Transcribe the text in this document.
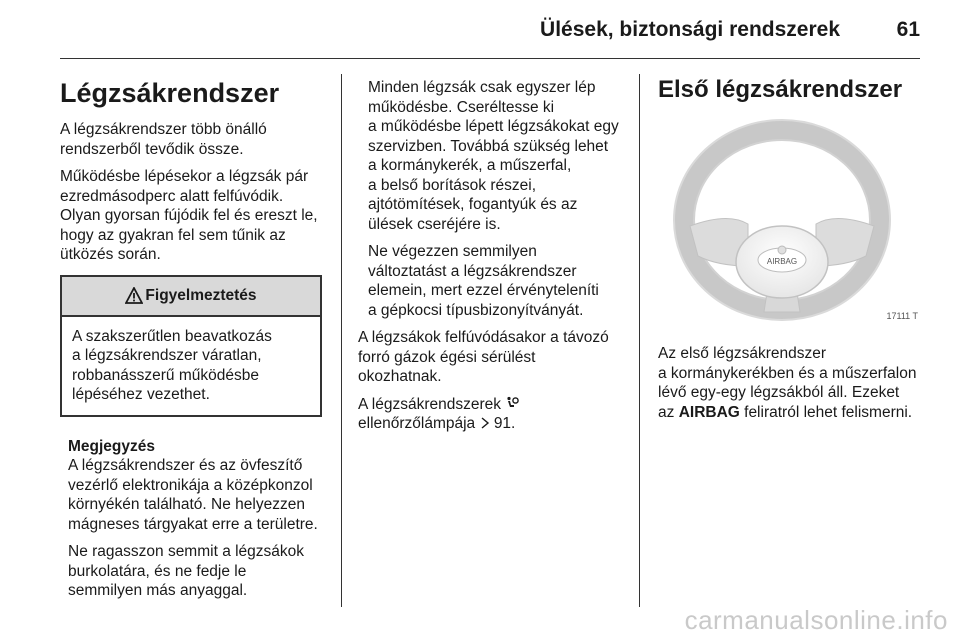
Ülések, biztonsági rendszerek	61
Légzsákrendszer

A légzsákrendszer több önálló
rendszerből tevődik össze.

Működésbe lépésekor a légzsák pár
ezredmásodperc alatt felfúvódik.
Olyan gyorsan fújódik fel és ereszt le,
hogy az gyakran fel sem tűnik az
ütközés során.

Figyelmeztetés
A szakszerűtlen beavatkozás
a légzsákrendszer váratlan,
robbanásszerű működésbe
lépéséhez vezethet.
Megjegyzés

A légzsákrendszer és az övfeszítő
vezérlő elektronikája a középkonzol
környékén található. Ne helyezzen
mágneses tárgyakat erre a területre.

Ne ragasszon semmit a légzsákok
burkolatára, és ne fedje le
semmilyen más anyaggal.

Minden légzsák csak egyszer lép
működésbe. Cseréltesse ki
a működésbe lépett légzsákokat egy
szervizben. Továbbá szükség lehet
a kormánykerék, a műszerfal,
a belső borítások részei,
ajtótömítések, fogantyúk és az
ülések cseréjére is.

Ne végezzen semmilyen
változtatást a légzsákrendszer
elemein, mert ezzel érvényteleníti
a gépkocsi típusbizonyítványát.

A légzsákok felfúvódásakor a távozó
forró gázok égési sérülést
okozhatnak.

A légzsákrendszerek
ellenőrzőlámpája  91.

Első légzsákrendszer
AIRBAG
17111 T

Az első légzsákrendszer
a kormánykerékben és a műszerfalon
lévő egy-egy légzsákból áll. Ezeket
az AIRBAG feliratról lehet felismerni.

carmanualsonline.info
